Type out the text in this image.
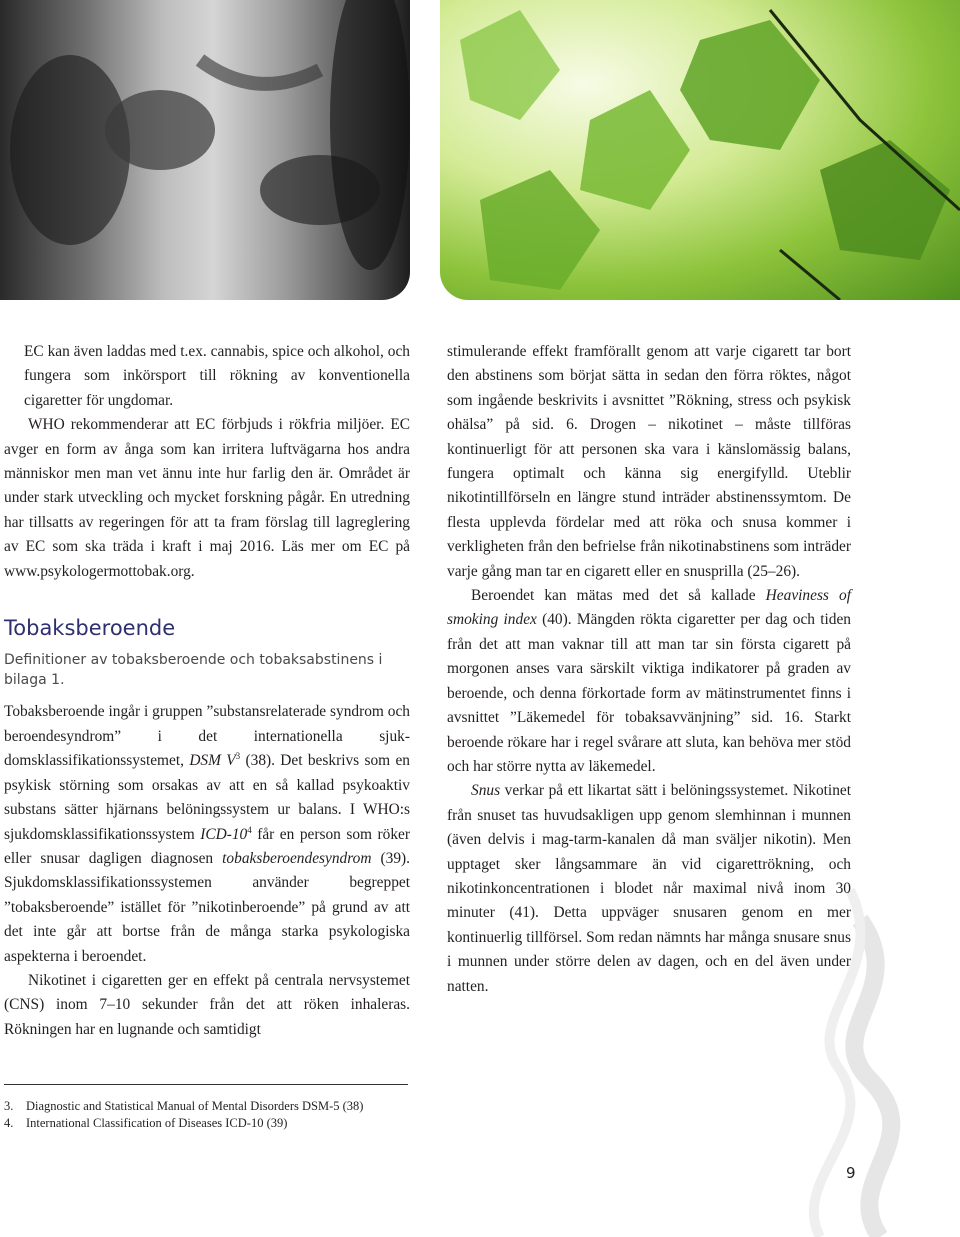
EC kan även laddas med t.ex. cannabis, spice och alkohol, och fungera som inkörsport till rökning av konventionella cigaretter för ungdomar.

WHO rekommenderar att EC förbjuds i rökfria miljöer. EC avger en form av ånga som kan irritera luftvägarna hos andra människor men man vet ännu inte hur farlig den är. Området är under stark utveckling och mycket forskning pågår. En utredning har tillsatts av regeringen för att ta fram förslag till lagreglering av EC som ska träda i kraft i maj 2016. Läs mer om EC på www.psykologermottobak.org.

Tobaksberoende
Definitioner av tobaksberoende och tobaksabstinens i bilaga 1.

Tobaksberoende ingår i gruppen ”substansrelaterade syndrom och beroendesyndrom” i det internationella sjukdomsklassifikationssystemet, DSM $V^3$ (38). Det beskrivs som en psykisk störning som orsakas av att en så kallad psykoaktiv substans sätter hjärnans belöningssystem ur balans. I WHO:s sjukdomsklassifikationssystem ICD-$10^4$ får en person som röker eller snusar dagligen diagnosen tobaksberoendesyndrom (39). Sjukdomsklassifikationssystemen använder begreppet ”tobaksberoende” istället för ”nikotinberoende” på grund av att det inte går att bortse från de många starka psykologiska aspekterna i beroendet.

Nikotinet i cigaretten ger en effekt på centrala nervsystemet (CNS) inom 7–10 sekunder från det att röken inhaleras. Rökningen har en lugnande och samtidigt

stimulerande effekt framförallt genom att varje cigarett tar bort den abstinens som börjat sätta in sedan den förra röktes, något som ingående beskrivits i avsnittet ”Rökning, stress och psykisk ohälsa” på sid. 6. Drogen – nikotinet – måste tillföras kontinuerligt för att personen ska vara i känslomässig balans, fungera optimalt och känna sig energifylld. Uteblir nikotintillförseln en längre stund inträder abstinenssymtom. De flesta upplevda fördelar med att röka och snusa kommer i verkligheten från den befrielse från nikotinabstinens som inträder varje gång man tar en cigarett eller en snusprilla (25–26).

Beroendet kan mätas med det så kallade Heaviness of smoking index (40). Mängden rökta cigaretter per dag och tiden från det att man vaknar till att man tar sin första cigarett på morgonen anses vara särskilt viktiga indikatorer på graden av beroende, och denna förkortade form av mätinstrumentet finns i avsnittet ”Läkemedel för tobaksavvänjning” sid. 16. Starkt beroende rökare har i regel svårare att sluta, kan behöva mer stöd och har större nytta av läkemedel.

Snus verkar på ett likartat sätt i belöningssystemet. Nikotinet från snuset tas huvudsakligen upp genom slemhinnan i munnen (även delvis i mag-tarm-kanalen då man sväljer nikotin). Men upptaget sker långsammare än vid cigarettrökning, och nikotinkoncentrationen i blodet når maximal nivå inom 30 minuter (41). Detta uppväger snusaren genom en mer kontinuerlig tillförsel. Som redan nämnts har många snusare snus i munnen under större delen av dagen, och en del även under natten.

3. Diagnostic and Statistical Manual of Mental Disorders DSM-5 (38)
4. International Classification of Diseases ICD-10 (39)
9
